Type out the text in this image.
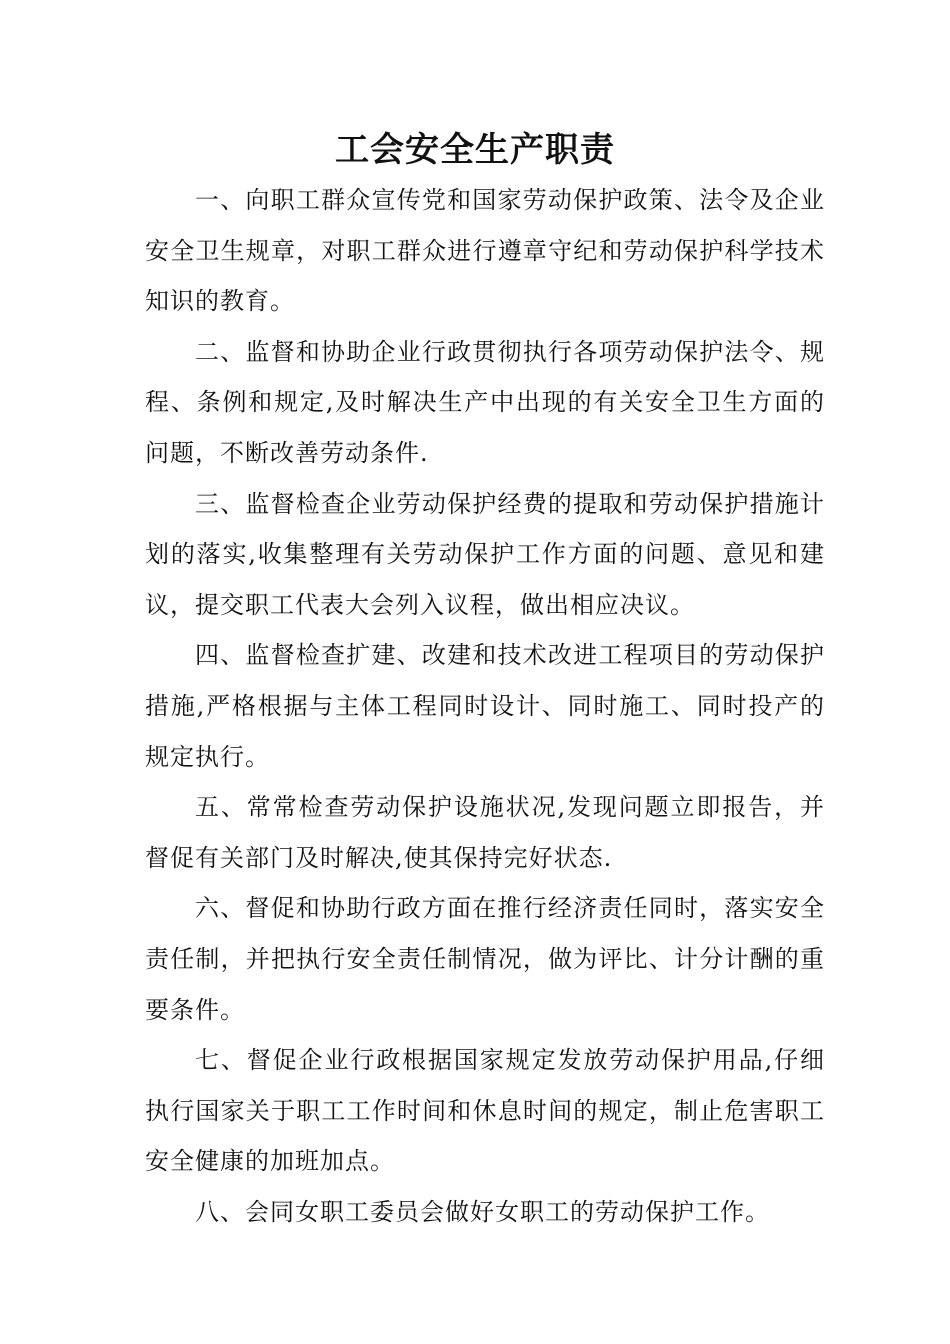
工会安全生产职责

一、向职工群众宣传党和国家劳动保护政策、法令及企业安全卫生规章，对职工群众进行遵章守纪和劳动保护科学技术知识的教育。

二、监督和协助企业行政贯彻执行各项劳动保护法令、规程、条例和规定,及时解决生产中出现的有关安全卫生方面的问题，不断改善劳动条件.

三、监督检查企业劳动保护经费的提取和劳动保护措施计划的落实,收集整理有关劳动保护工作方面的问题、意见和建议，提交职工代表大会列入议程，做出相应决议。

四、监督检查扩建、改建和技术改进工程项目的劳动保护措施,严格根据与主体工程同时设计、同时施工、同时投产的规定执行。

五、常常检查劳动保护设施状况,发现问题立即报告，并督促有关部门及时解决,使其保持完好状态.

六、督促和协助行政方面在推行经济责任同时，落实安全责任制，并把执行安全责任制情况，做为评比、计分计酬的重要条件。

七、督促企业行政根据国家规定发放劳动保护用品,仔细执行国家关于职工工作时间和休息时间的规定，制止危害职工安全健康的加班加点。

八、会同女职工委员会做好女职工的劳动保护工作。
